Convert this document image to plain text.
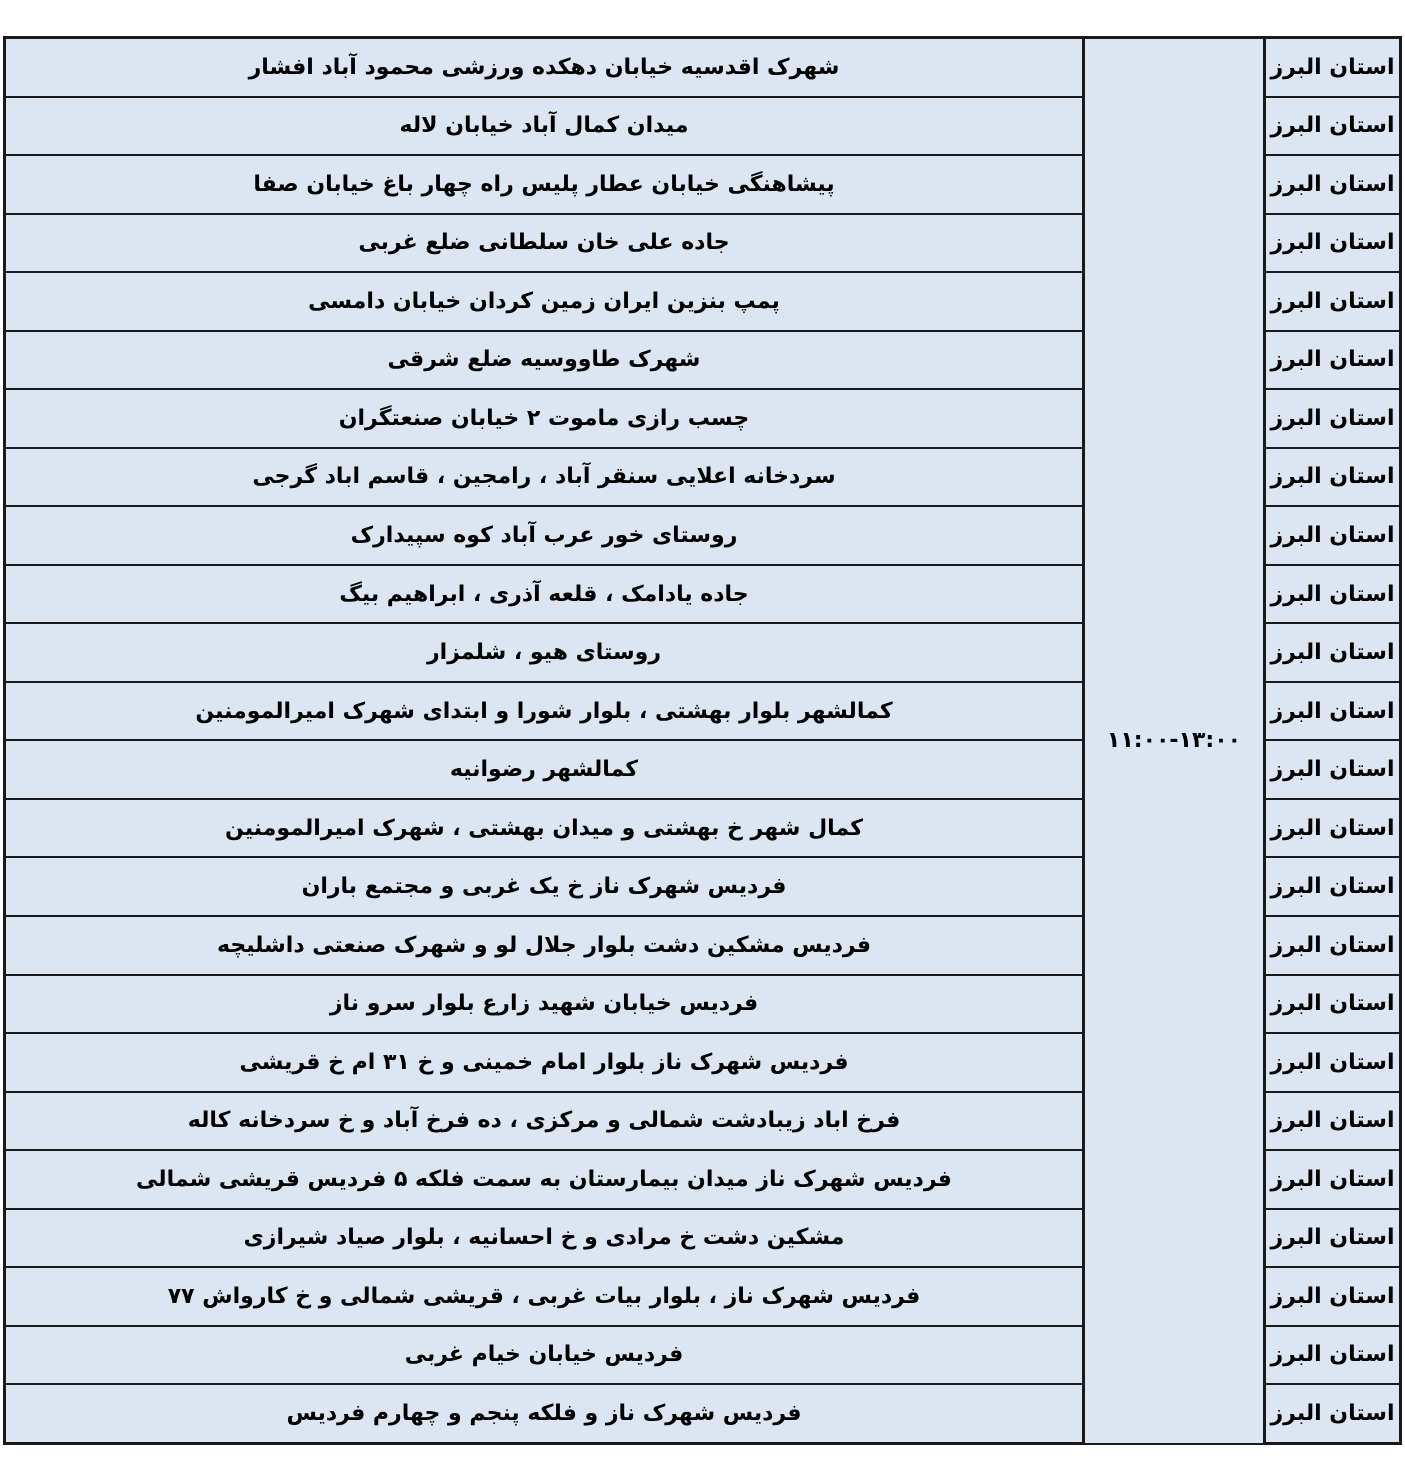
استان البرز	۱۱:۰۰-۱۳:۰۰	شهرک اقدسیه خیابان دهکده ورزشی محمود آباد افشار
استان البرز		میدان کمال آباد خیابان لاله
استان البرز		پیشاهنگی خیابان عطار پلیس راه چهار باغ خیابان صفا
استان البرز		جاده علی خان سلطانی ضلع غربی
استان البرز		پمپ بنزین ایران زمین کردان خیابان دامسی
استان البرز		شهرک طاووسیه ضلع شرقی
استان البرز		چسب رازی ماموت ۲ خیابان صنعتگران
استان البرز		سردخانه اعلایی سنقر آباد ، رامجین ، قاسم اباد گرجی
استان البرز		روستای خور عرب آباد کوه سپیدارک
استان البرز		جاده یادامک ، قلعه آذری ، ابراهیم بیگ
استان البرز		روستای هیو ، شلمزار
استان البرز		کمالشهر بلوار بهشتی ، بلوار شورا و ابتدای شهرک امیرالمومنین
استان البرز		کمالشهر رضوانیه
استان البرز		کمال شهر خ بهشتی و میدان بهشتی ، شهرک امیرالمومنین
استان البرز		فردیس شهرک ناز خ یک غربی و مجتمع باران
استان البرز		فردیس مشکین دشت بلوار جلال لو و شهرک صنعتی داشلیچه
استان البرز		فردیس خیابان شهید زارع بلوار سرو ناز
استان البرز		فردیس شهرک ناز بلوار امام خمینی و خ ۳۱ ام خ قریشی
استان البرز		فرخ اباد زیبادشت شمالی و مرکزی ، ده فرخ آباد و خ سردخانه کاله
استان البرز		فردیس شهرک ناز میدان بیمارستان به سمت فلکه ۵ فردیس قریشی شمالی
استان البرز		مشکین دشت خ مرادی و خ احسانیه ، بلوار صیاد شیرازی
استان البرز		فردیس شهرک ناز ، بلوار بیات غربی ، قریشی شمالی و خ کارواش ۷۷
استان البرز		فردیس خیابان خیام غربی
استان البرز		فردیس شهرک ناز و فلکه پنجم و چهارم فردیس
